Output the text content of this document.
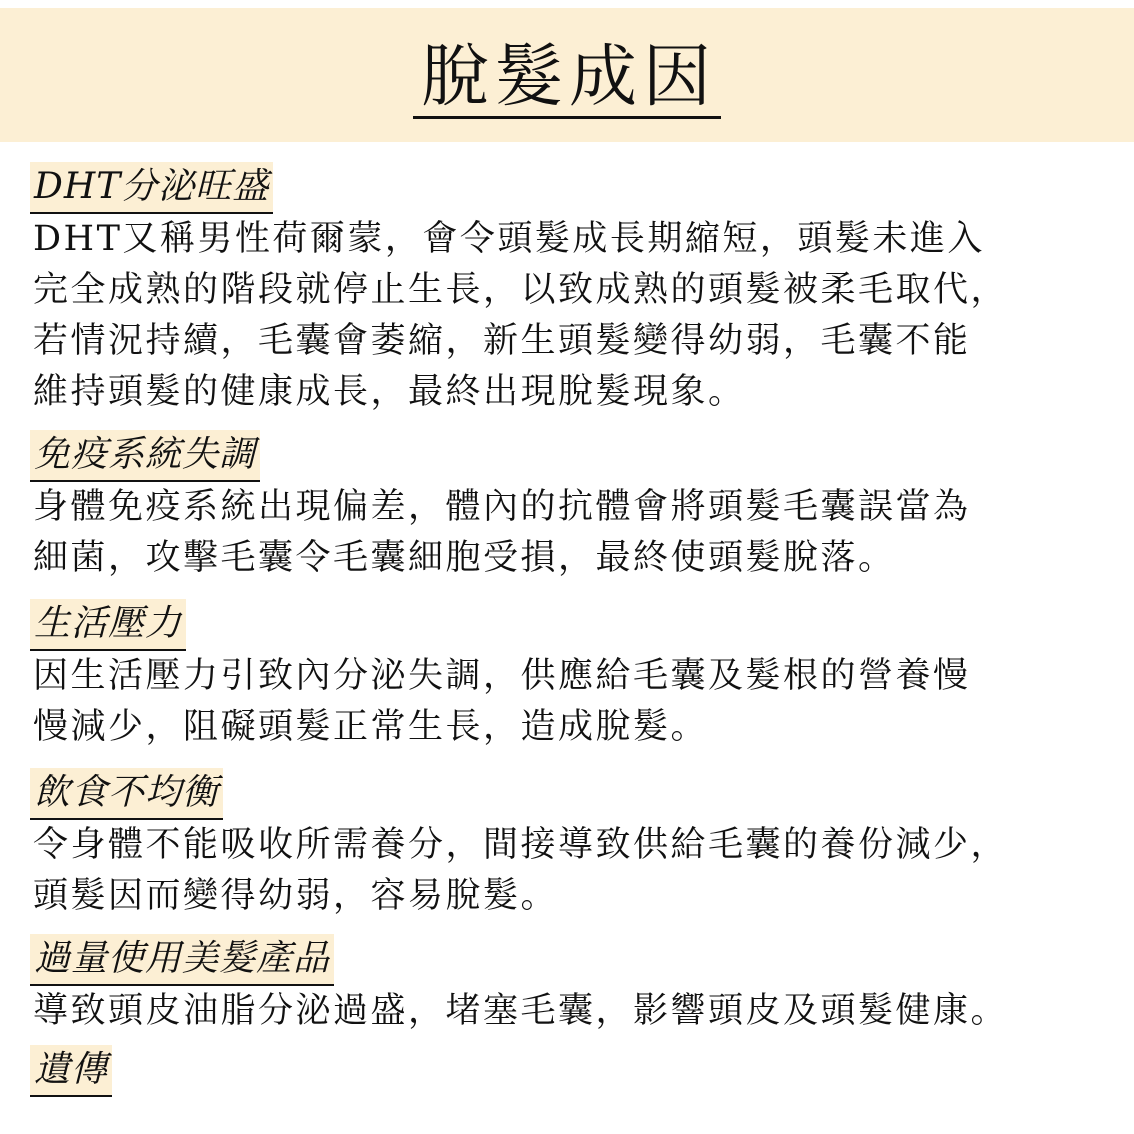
脫髮成因
DHT分泌旺盛

DHT又稱男性荷爾蒙，會令頭髮成長期縮短，頭髮未進入
完全成熟的階段就停止生長，以致成熟的頭髮被柔毛取代，
若情況持續，毛囊會萎縮，新生頭髮變得幼弱，毛囊不能
維持頭髮的健康成長，最終出現脫髮現象。

免疫系統失調

身體免疫系統出現偏差，體內的抗體會將頭髮毛囊誤當為
細菌，攻擊毛囊令毛囊細胞受損，最終使頭髮脫落。

生活壓力

因生活壓力引致內分泌失調，供應給毛囊及髮根的營養慢
慢減少，阻礙頭髮正常生長，造成脫髮。

飲食不均衡

令身體不能吸收所需養分，間接導致供給毛囊的養份減少，
頭髮因而變得幼弱，容易脫髮。

過量使用美髮產品

導致頭皮油脂分泌過盛，堵塞毛囊，影響頭皮及頭髮健康。

遺傳
